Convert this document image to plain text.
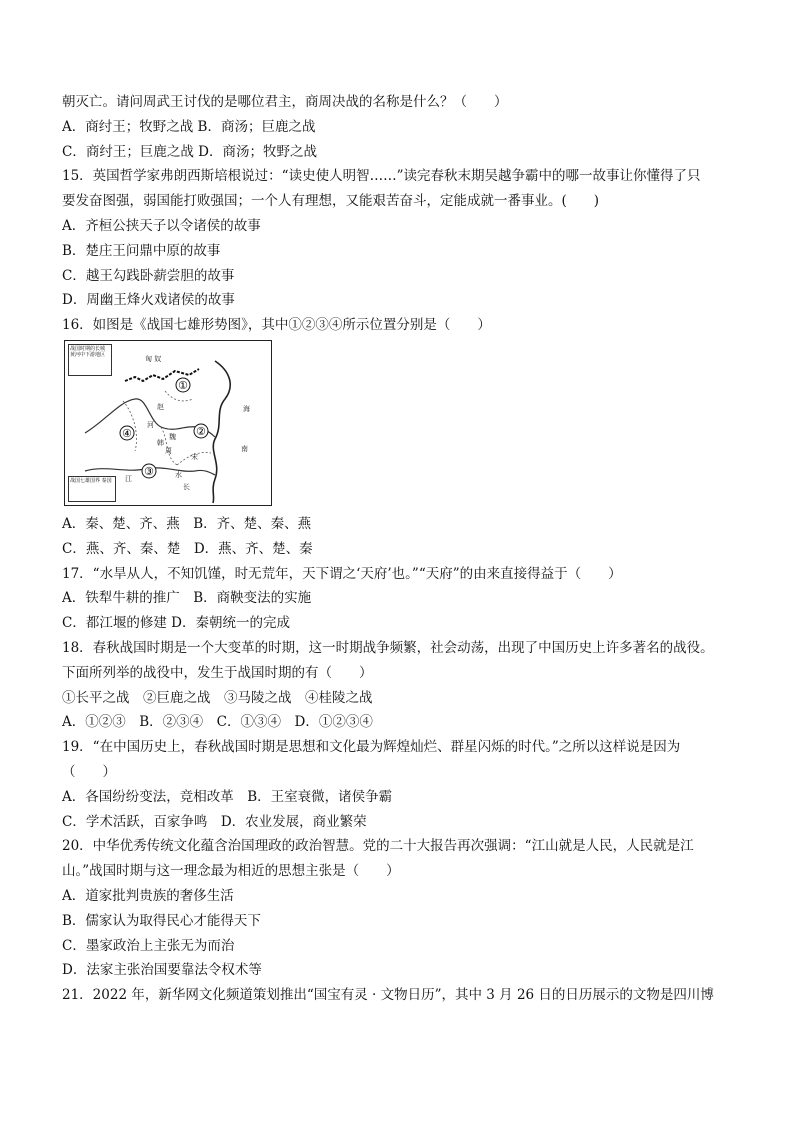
朝灭亡。请问周武王讨伐的是哪位君主，商周决战的名称是什么？（　　）
A．商纣王；牧野之战 B．商汤；巨鹿之战
C．商纣王；巨鹿之战 D．商汤；牧野之战
15．英国哲学家弗朗西斯培根说过：“读史使人明智……”读完春秋末期吴越争霸中的哪一故事让你懂得了只
要发奋图强，弱国能打败强国；一个人有理想，又能艰苦奋斗，定能成就一番事业。(　　)
A．齐桓公挟天子以令诸侯的故事
B．楚庄王问鼎中原的故事
C．越王勾践卧薪尝胆的故事
D．周幽王烽火戏诸侯的故事
16．如图是《战国七雄形势图》，其中①②③④所示位置分别是（　　）
①
②
③
④
匈 奴
赵
魏
韩
周
宋
河
江	水
海
南
长
战国时期的长城 黄河中下游地区
战国七雄国界 秦国
A．秦、楚、齐、燕　B．齐、楚、秦、燕
C．燕、齐、秦、楚　D．燕、齐、楚、秦
17．“水旱从人，不知饥馑，时无荒年，天下谓之‘天府’也。”“天府”的由来直接得益于（　　）
A．铁犁牛耕的推广　B．商鞅变法的实施
C．都江堰的修建 D．秦朝统一的完成
18．春秋战国时期是一个大变革的时期，这一时期战争频繁，社会动荡，出现了中国历史上许多著名的战役。
下面所列举的战役中，发生于战国时期的有（　　）
①长平之战　②巨鹿之战　③马陵之战　④桂陵之战
A．①②③　B．②③④　C．①③④　D．①②③④
19．“在中国历史上，春秋战国时期是思想和文化最为辉煌灿烂、群星闪烁的时代。”之所以这样说是因为
（　　）
A．各国纷纷变法，竞相改革　B．王室衰微，诸侯争霸
C．学术活跃，百家争鸣　D．农业发展，商业繁荣
20．中华优秀传统文化蕴含治国理政的政治智慧。党的二十大报告再次强调：“江山就是人民，人民就是江
山。”战国时期与这一理念最为相近的思想主张是（　　）
A．道家批判贵族的奢侈生活
B．儒家认为取得民心才能得天下
C．墨家政治上主张无为而治
D．法家主张治国要靠法令权术等
21．2022 年，新华网文化频道策划推出“国宝有灵 · 文物日历”，其中 3 月 26 日的日历展示的文物是四川博
